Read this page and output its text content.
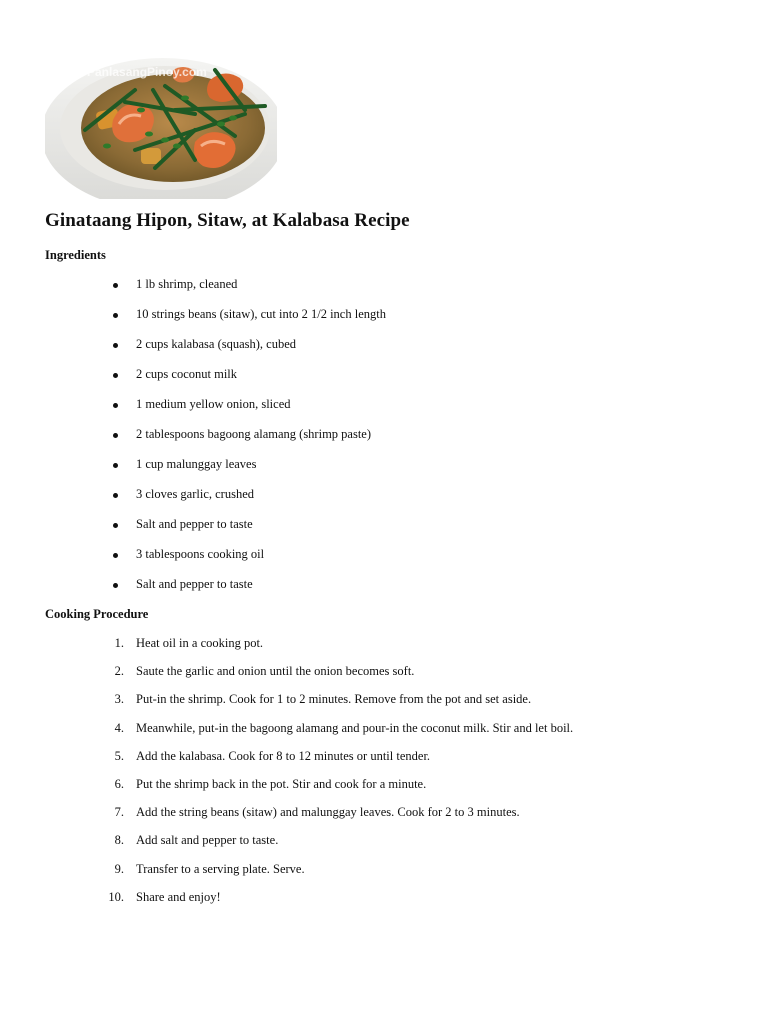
PanlasangPinoy.com
Ginataang Hipon, Sitaw, at Kalabasa Recipe
Ingredients
1 lb shrimp, cleaned
10 strings beans (sitaw), cut into 2 1/2 inch length
2 cups kalabasa (squash), cubed
2 cups coconut milk
1 medium yellow onion, sliced
2 tablespoons bagoong alamang (shrimp paste)
1 cup malunggay leaves
3 cloves garlic, crushed
Salt and pepper to taste
3 tablespoons cooking oil
Salt and pepper to taste
Cooking Procedure
1. Heat oil in a cooking pot.
2. Saute the garlic and onion until the onion becomes soft.
3. Put-in the shrimp. Cook for 1 to 2 minutes. Remove from the pot and set aside.
4. Meanwhile, put-in the bagoong alamang and pour-in the coconut milk. Stir and let boil.
5. Add the kalabasa. Cook for 8 to 12 minutes or until tender.
6. Put the shrimp back in the pot. Stir and cook for a minute.
7. Add the string beans (sitaw) and malunggay leaves. Cook for 2 to 3 minutes.
8. Add salt and pepper to taste.
9. Transfer to a serving plate. Serve.
10. Share and enjoy!
